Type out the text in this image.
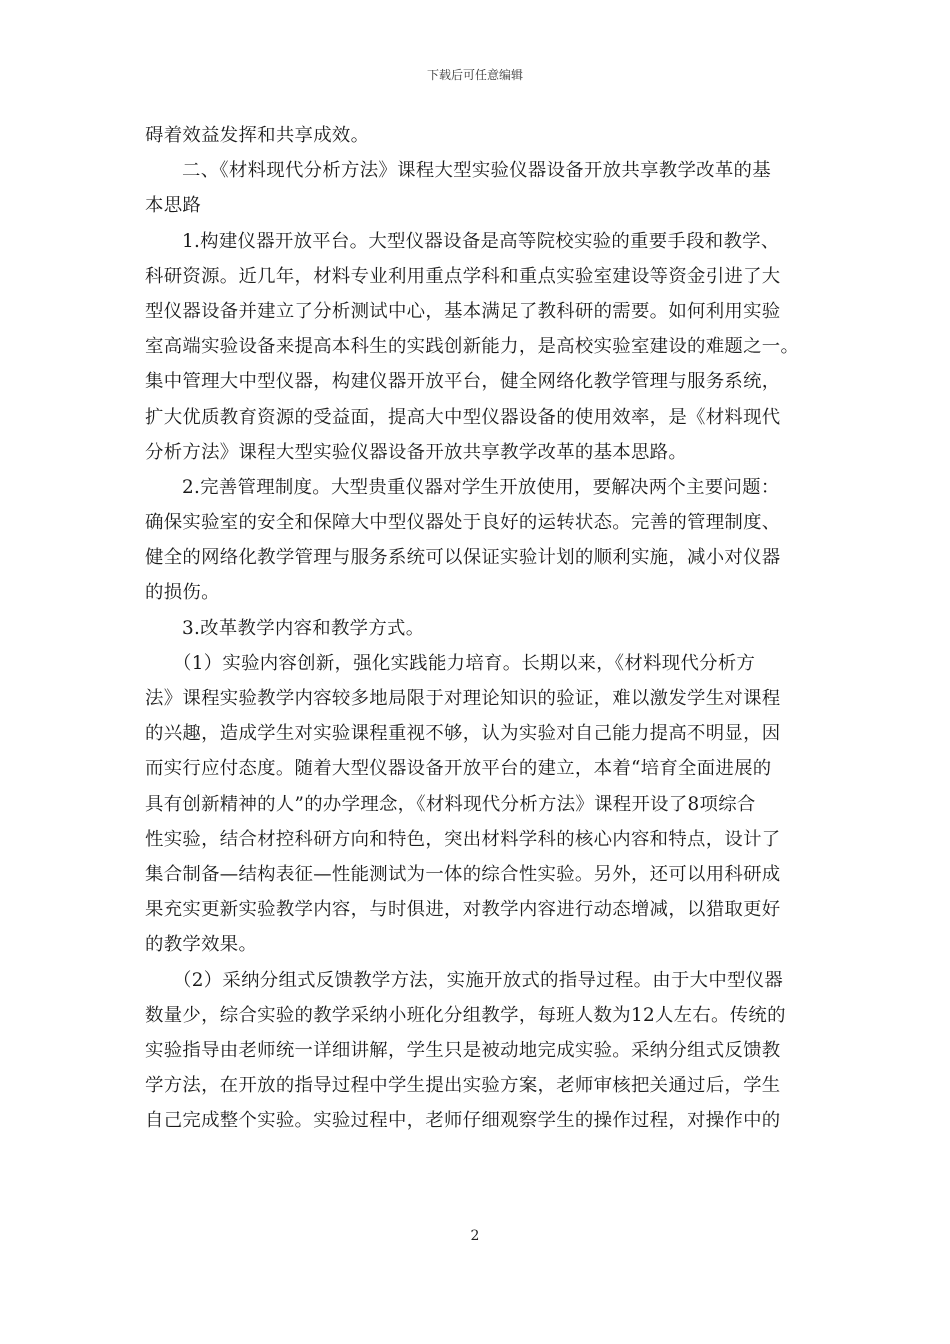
下载后可任意编辑
碍着效益发挥和共享成效。
二、《材料现代分析方法》课程大型实验仪器设备开放共享教学改革的基
本思路
1.构建仪器开放平台。大型仪器设备是高等院校实验的重要手段和教学、
科研资源。近几年，材料专业利用重点学科和重点实验室建设等资金引进了大
型仪器设备并建立了分析测试中心，基本满足了教科研的需要。如何利用实验
室高端实验设备来提高本科生的实践创新能力，是高校实验室建设的难题之一。
集中管理大中型仪器，构建仪器开放平台，健全网络化教学管理与服务系统，
扩大优质教育资源的受益面，提高大中型仪器设备的使用效率，是《材料现代
分析方法》课程大型实验仪器设备开放共享教学改革的基本思路。
2.完善管理制度。大型贵重仪器对学生开放使用，要解决两个主要问题：
确保实验室的安全和保障大中型仪器处于良好的运转状态。完善的管理制度、
健全的网络化教学管理与服务系统可以保证实验计划的顺利实施，减小对仪器
的损伤。
3.改革教学内容和教学方式。
（1）实验内容创新，强化实践能力培育。长期以来，《材料现代分析方
法》课程实验教学内容较多地局限于对理论知识的验证，难以激发学生对课程
的兴趣，造成学生对实验课程重视不够，认为实验对自己能力提高不明显，因
而实行应付态度。随着大型仪器设备开放平台的建立，本着“培育全面进展的
具有创新精神的人”的办学理念，《材料现代分析方法》课程开设了8项综合
性实验，结合材控科研方向和特色，突出材料学科的核心内容和特点，设计了
集合制备—结构表征—性能测试为一体的综合性实验。另外，还可以用科研成
果充实更新实验教学内容，与时俱进，对教学内容进行动态增减，以猎取更好
的教学效果。
（2）采纳分组式反馈教学方法，实施开放式的指导过程。由于大中型仪器
数量少，综合实验的教学采纳小班化分组教学，每班人数为12人左右。传统的
实验指导由老师统一详细讲解，学生只是被动地完成实验。采纳分组式反馈教
学方法，在开放的指导过程中学生提出实验方案，老师审核把关通过后，学生
自己完成整个实验。实验过程中，老师仔细观察学生的操作过程，对操作中的
2
